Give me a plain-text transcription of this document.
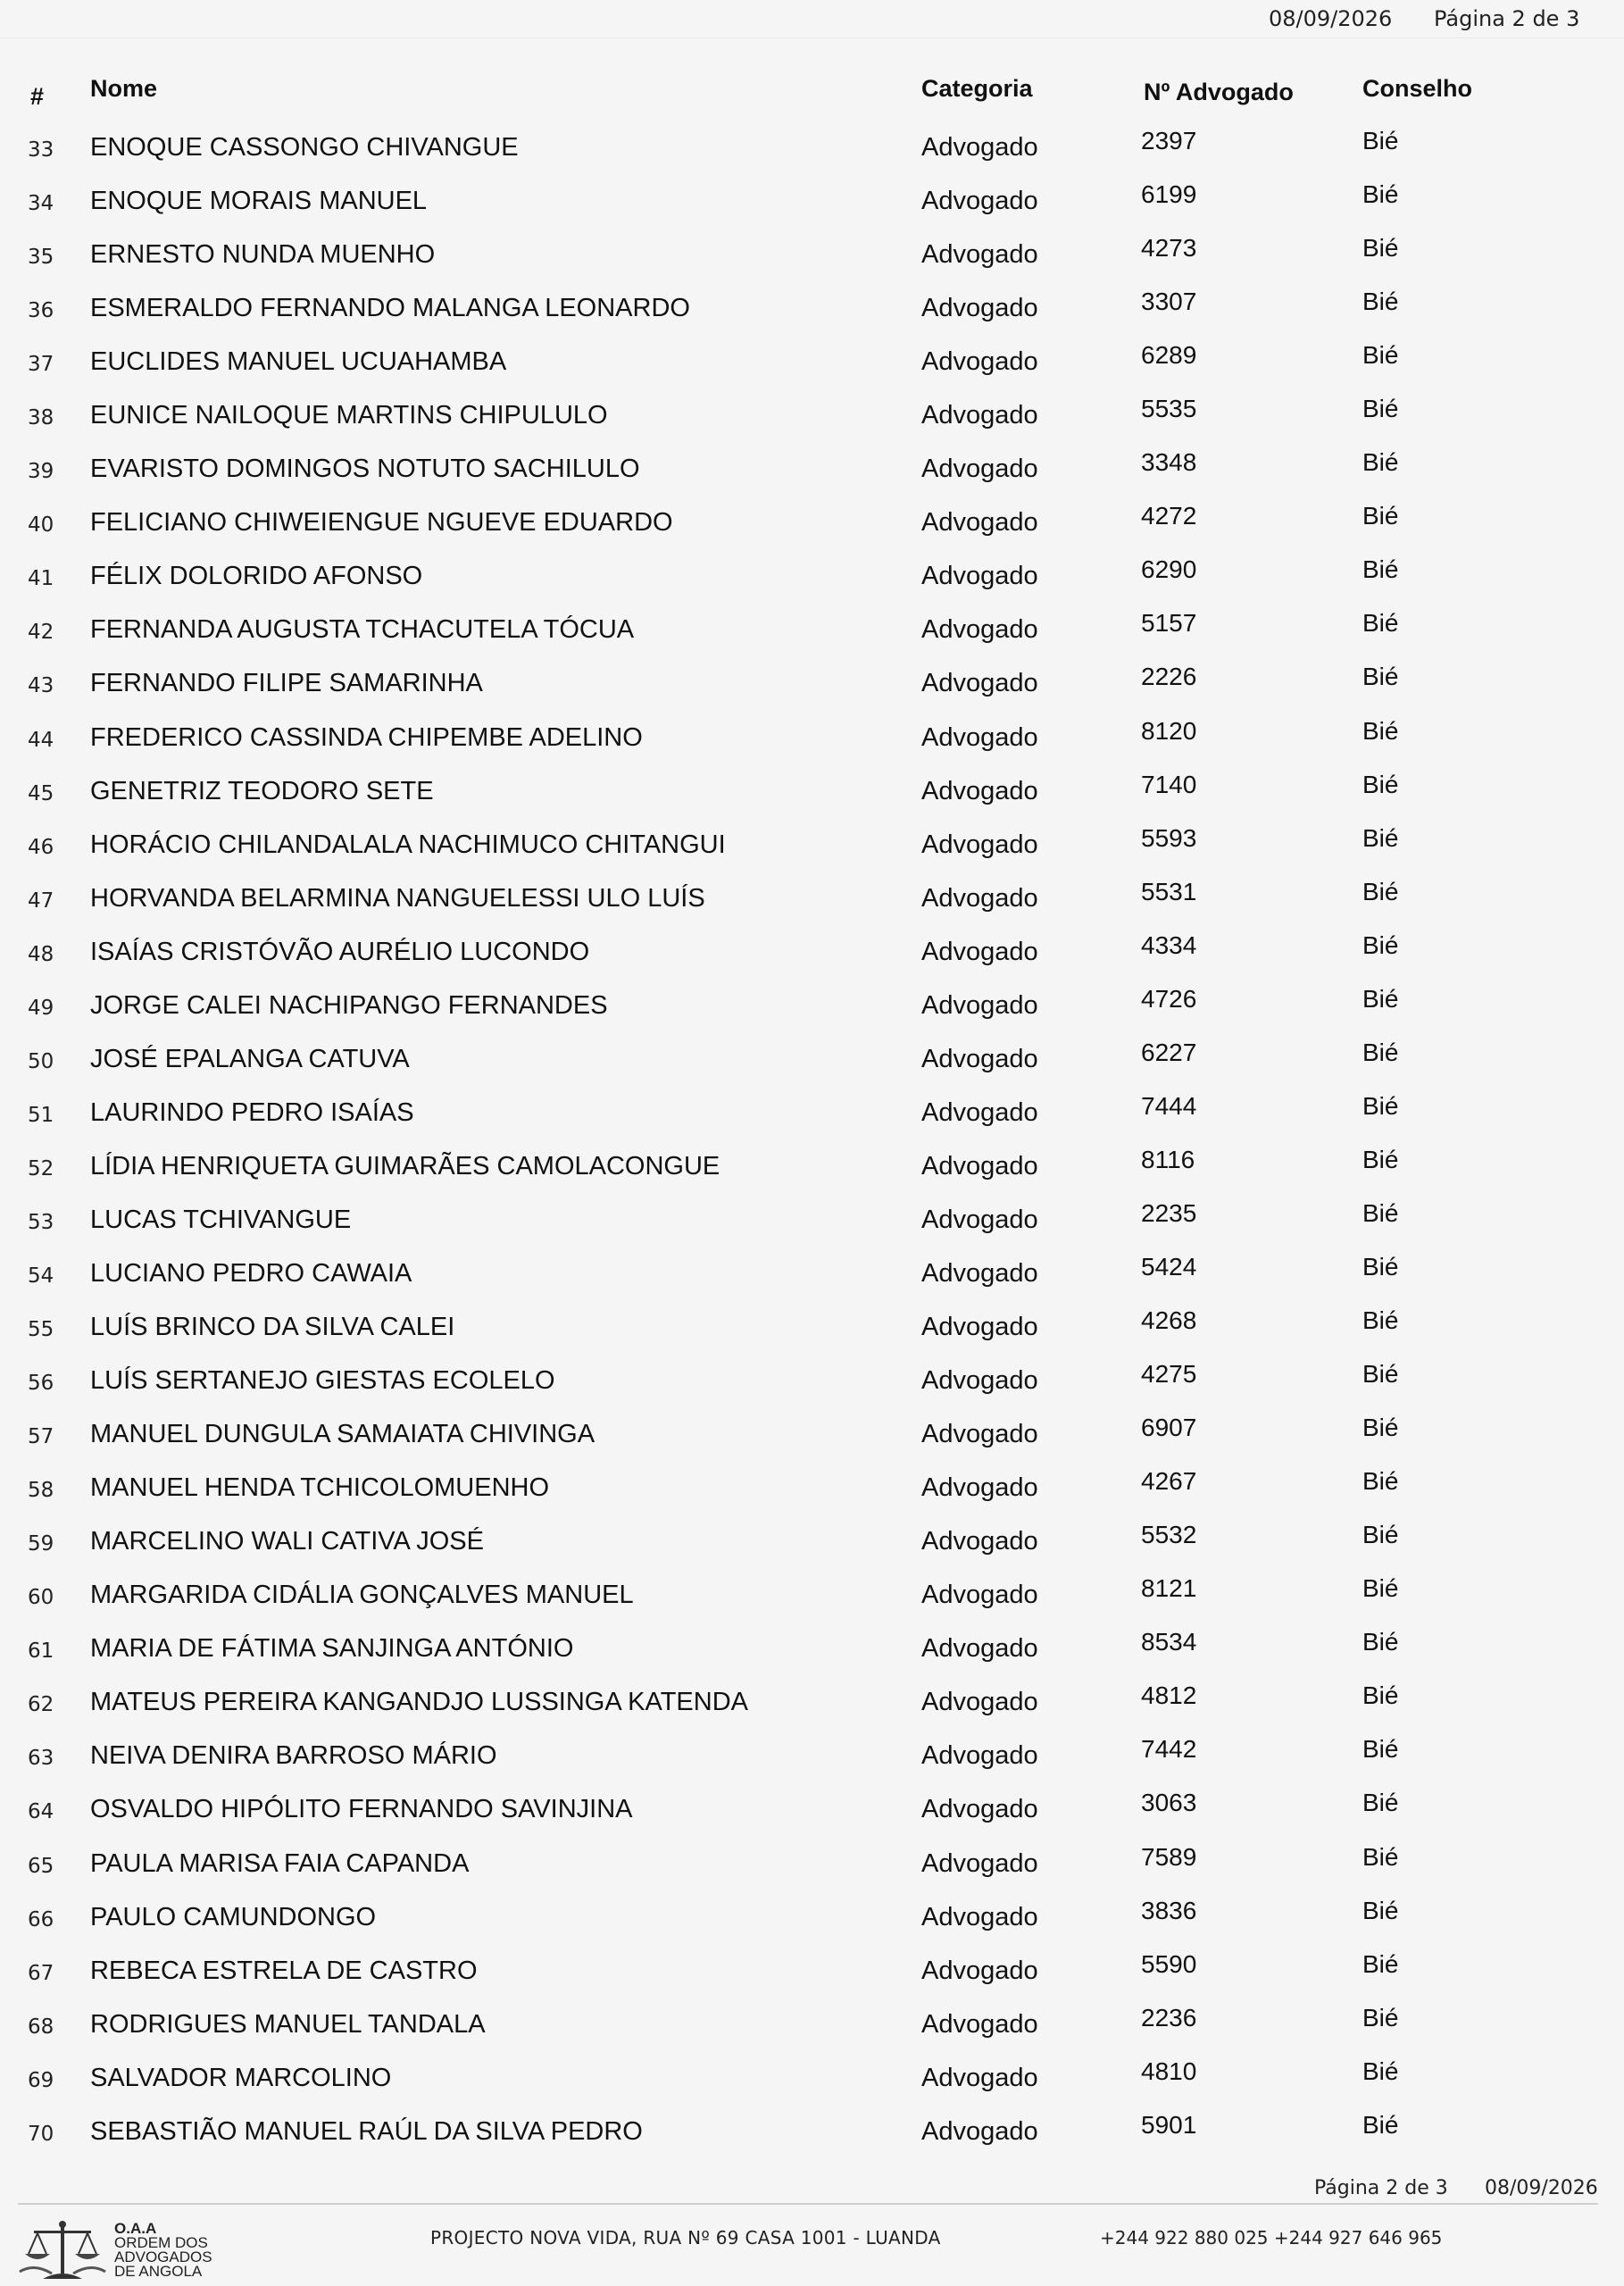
08/09/2026 Página 2 de 3
# Nome	Categoria	Nº Advogado	Conselho
33 ENOQUE CASSONGO CHIVANGUE	Advogado	2397	Bié
34 ENOQUE MORAIS MANUEL	Advogado	6199	Bié
35 ERNESTO NUNDA MUENHO	Advogado	4273	Bié
36 ESMERALDO FERNANDO MALANGA LEONARDO	Advogado	3307	Bié
37 EUCLIDES MANUEL UCUAHAMBA	Advogado	6289	Bié
38 EUNICE NAILOQUE MARTINS CHIPULULO	Advogado	5535	Bié
39 EVARISTO DOMINGOS NOTUTO SACHILULO	Advogado	3348	Bié
40 FELICIANO CHIWEIENGUE NGUEVE EDUARDO	Advogado	4272	Bié
41 FÉLIX DOLORIDO AFONSO	Advogado	6290	Bié
42 FERNANDA AUGUSTA TCHACUTELA TÓCUA	Advogado	5157	Bié
43 FERNANDO FILIPE SAMARINHA	Advogado	2226	Bié
44 FREDERICO CASSINDA CHIPEMBE ADELINO	Advogado	8120	Bié
45 GENETRIZ TEODORO SETE	Advogado	7140	Bié
46 HORÁCIO CHILANDALALA NACHIMUCO CHITANGUI	Advogado	5593	Bié
47 HORVANDA BELARMINA NANGUELESSI ULO LUÍS	Advogado	5531	Bié
48 ISAÍAS CRISTÓVÃO AURÉLIO LUCONDO	Advogado	4334	Bié
49 JORGE CALEI NACHIPANGO FERNANDES	Advogado	4726	Bié
50 JOSÉ EPALANGA CATUVA	Advogado	6227	Bié
51 LAURINDO PEDRO ISAÍAS	Advogado	7444	Bié
52 LÍDIA HENRIQUETA GUIMARÃES CAMOLACONGUE	Advogado	8116	Bié
53 LUCAS TCHIVANGUE	Advogado	2235	Bié
54 LUCIANO PEDRO CAWAIA	Advogado	5424	Bié
55 LUÍS BRINCO DA SILVA CALEI	Advogado	4268	Bié
56 LUÍS SERTANEJO GIESTAS ECOLELO	Advogado	4275	Bié
57 MANUEL DUNGULA SAMAIATA CHIVINGA	Advogado	6907	Bié
58 MANUEL HENDA TCHICOLOMUENHO	Advogado	4267	Bié
59 MARCELINO WALI CATIVA JOSÉ	Advogado	5532	Bié
60 MARGARIDA CIDÁLIA GONÇALVES MANUEL	Advogado	8121	Bié
61 MARIA DE FÁTIMA SANJINGA ANTÓNIO	Advogado	8534	Bié
62 MATEUS PEREIRA KANGANDJO LUSSINGA KATENDA	Advogado	4812	Bié
63 NEIVA DENIRA BARROSO MÁRIO	Advogado	7442	Bié
64 OSVALDO HIPÓLITO FERNANDO SAVINJINA	Advogado	3063	Bié
65 PAULA MARISA FAIA CAPANDA	Advogado	7589	Bié
66 PAULO CAMUNDONGO	Advogado	3836	Bié
67 REBECA ESTRELA DE CASTRO	Advogado	5590	Bié
68 RODRIGUES MANUEL TANDALA	Advogado	2236	Bié
69 SALVADOR MARCOLINO	Advogado	4810	Bié
70 SEBASTIÃO MANUEL RAÚL DA SILVA PEDRO	Advogado	5901	Bié
Página 2 de 3 08/09/2026
O.A.A
ORDEM DOS
ADVOGADOS
DE ANGOLA
PROJECTO NOVA VIDA, RUA Nº 69 CASA 1001 - LUANDA	+244 922 880 025 +244 927 646 965
